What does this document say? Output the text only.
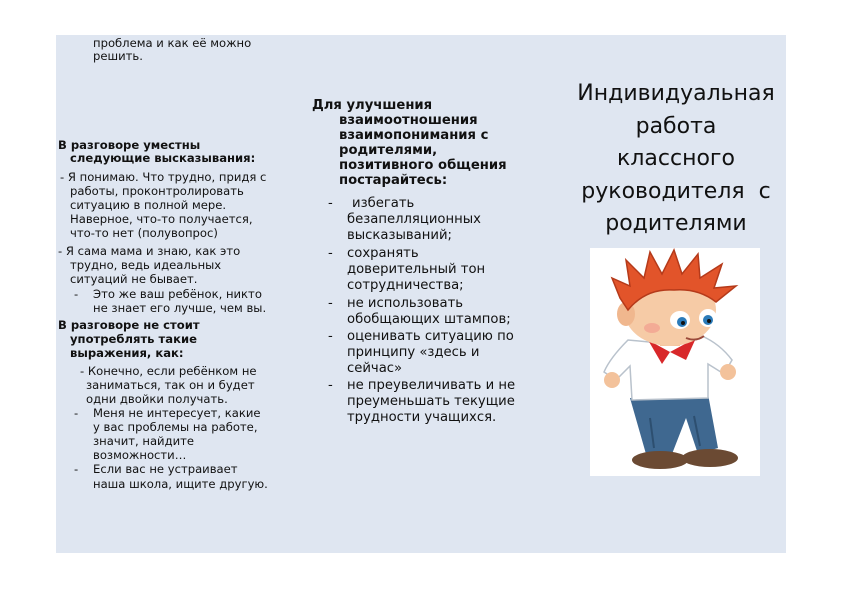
проблема и как её можно
решить.
В разговоре уместны
следующие высказывания:
- Я понимаю. Что трудно, придя с
работы, проконтролировать
ситуацию в полной мере.
Наверное, что-то получается,
что-то нет (полувопрос)
- Я сама мама и знаю, как это
трудно, ведь идеальных
ситуаций не бывает.
- Это же ваш ребёнок, никто
не знает его лучше, чем вы.
В разговоре не стоит
употреблять такие
выражения, как:
- Конечно, если ребёнком не
заниматься, так он и будет
одни двойки получать.
- Меня не интересует, какие
у вас проблемы на работе,
значит, найдите
возможности…
- Если вас не устраивает
наша школа, ищите другую.
Для улучшения
взаимоотношения
взаимопонимания с
родителями,
позитивного общения
постарайтесь:
- избегать
безапелляционных
высказываний;
- сохранять
доверительный тон
сотрудничества;
- не использовать
обобщающих штампов;
- оценивать ситуацию по
принципу «здесь и
сейчас»
- не преувеличивать и не
преуменьшать текущие
трудности учащихся.
Индивидуальная
работа
классного
руководителя  с
родителями
